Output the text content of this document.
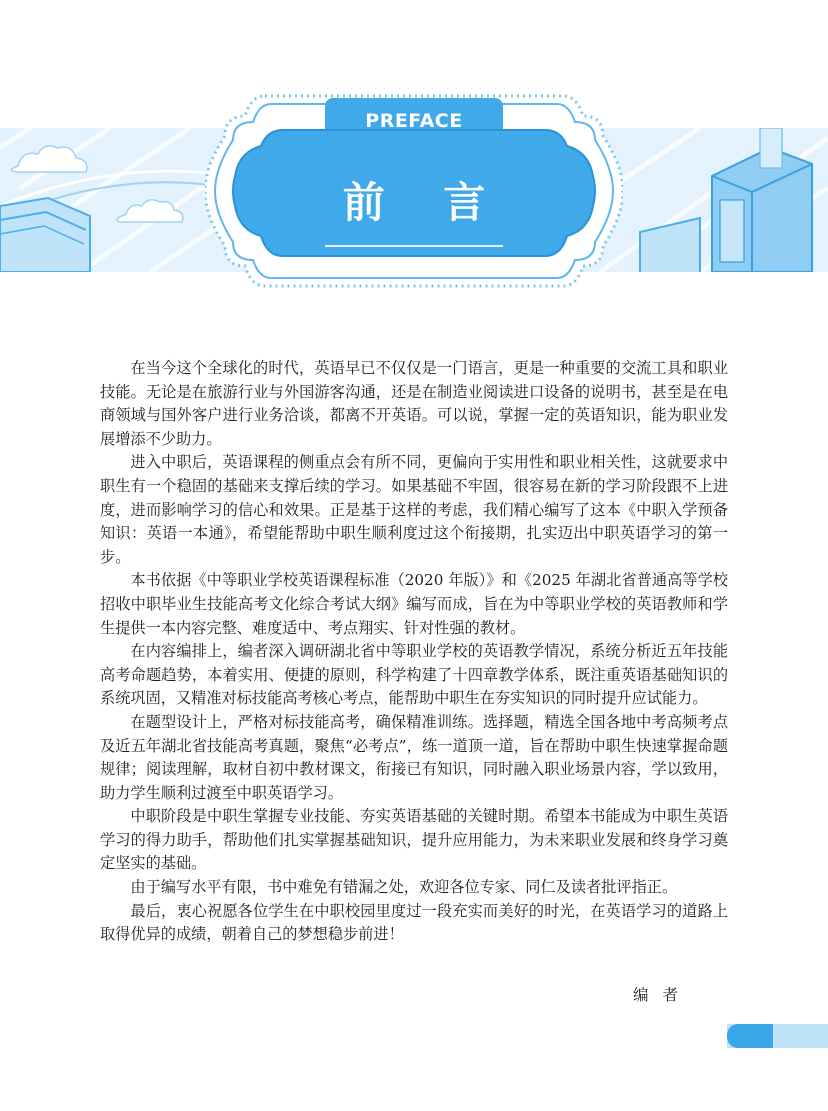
PREFACE
前 言

在当今这个全球化的时代，英语早已不仅仅是一门语言，更是一种重要的交流工具和职业技能。无论是在旅游行业与外国游客沟通，还是在制造业阅读进口设备的说明书，甚至是在电商领域与国外客户进行业务洽谈，都离不开英语。可以说，掌握一定的英语知识，能为职业发展增添不少助力。

进入中职后，英语课程的侧重点会有所不同，更偏向于实用性和职业相关性，这就要求中职生有一个稳固的基础来支撑后续的学习。如果基础不牢固，很容易在新的学习阶段跟不上进度，进而影响学习的信心和效果。正是基于这样的考虑，我们精心编写了这本《中职入学预备知识：英语一本通》，希望能帮助中职生顺利度过这个衔接期，扎实迈出中职英语学习的第一步。

本书依据《中等职业学校英语课程标准（2020 年版）》和《2025 年湖北省普通高等学校招收中职毕业生技能高考文化综合考试大纲》编写而成，旨在为中等职业学校的英语教师和学生提供一本内容完整、难度适中、考点翔实、针对性强的教材。

在内容编排上，编者深入调研湖北省中等职业学校的英语教学情况，系统分析近五年技能高考命题趋势，本着实用、便捷的原则，科学构建了十四章教学体系，既注重英语基础知识的系统巩固，又精准对标技能高考核心考点，能帮助中职生在夯实知识的同时提升应试能力。

在题型设计上，严格对标技能高考，确保精准训练。选择题，精选全国各地中考高频考点及近五年湖北省技能高考真题，聚焦“必考点”，练一道顶一道，旨在帮助中职生快速掌握命题规律；阅读理解，取材自初中教材课文，衔接已有知识，同时融入职业场景内容，学以致用，助力学生顺利过渡至中职英语学习。

中职阶段是中职生掌握专业技能、夯实英语基础的关键时期。希望本书能成为中职生英语学习的得力助手，帮助他们扎实掌握基础知识，提升应用能力，为未来职业发展和终身学习奠定坚实的基础。

由于编写水平有限，书中难免有错漏之处，欢迎各位专家、同仁及读者批评指正。

最后，衷心祝愿各位学生在中职校园里度过一段充实而美好的时光，在英语学习的道路上取得优异的成绩，朝着自己的梦想稳步前进！

编者
